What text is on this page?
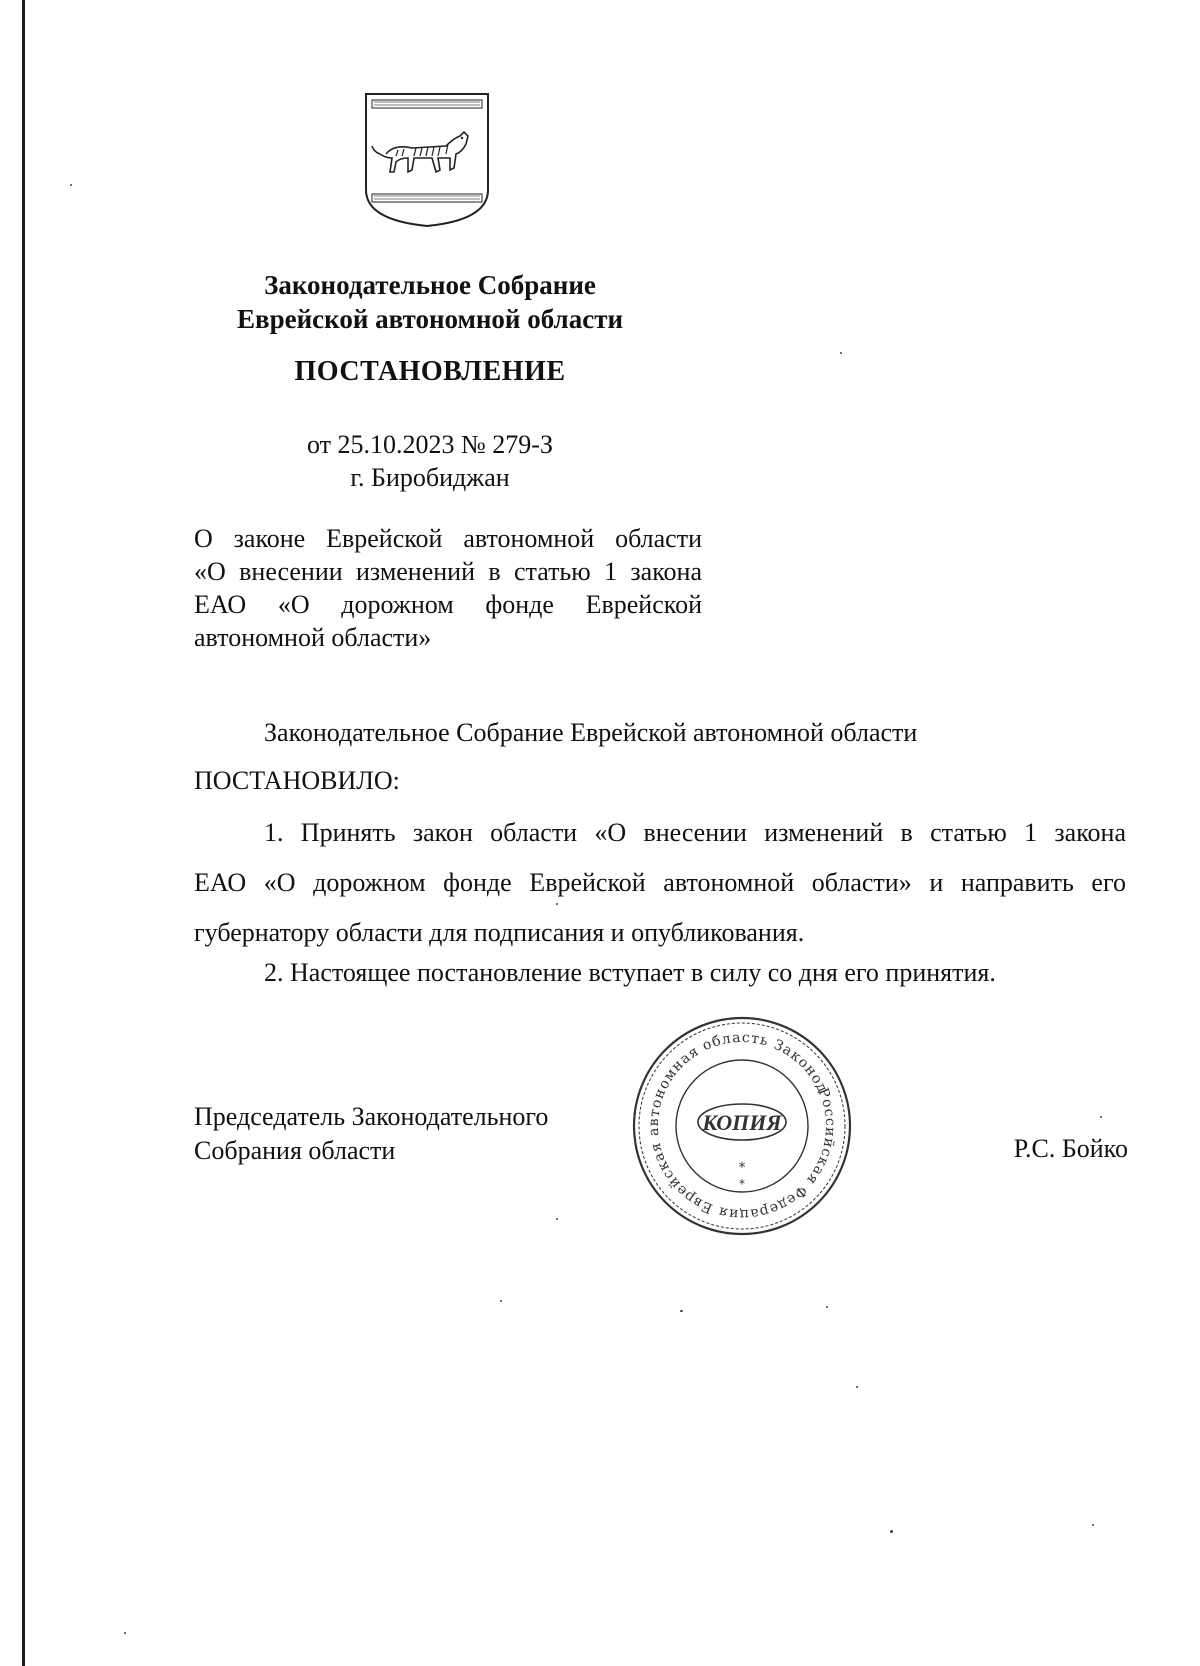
Законодательное Собрание
Еврейской автономной области
ПОСТАНОВЛЕНИЕ
от 25.10.2023 № 279-З
г. Биробиджан
О законе Еврейской автономной области
«О внесении изменений в статью 1 закона
ЕАО «О дорожном фонде Еврейской
автономной области»
Законодательное Собрание Еврейской автономной области
ПОСТАНОВИЛО:
1. Принять закон области «О внесении изменений в статью 1 закона
ЕАО «О дорожном фонде Еврейской автономной области» и направить его
губернатору области для подписания и опубликования.
2. Настоящее постановление вступает в силу со дня его принятия.
Председатель Законодательного
Собрания области	Р.С. Бойко
Российская Федерация Еврейская автономная область Законодательное
КОПИЯ
*
*
